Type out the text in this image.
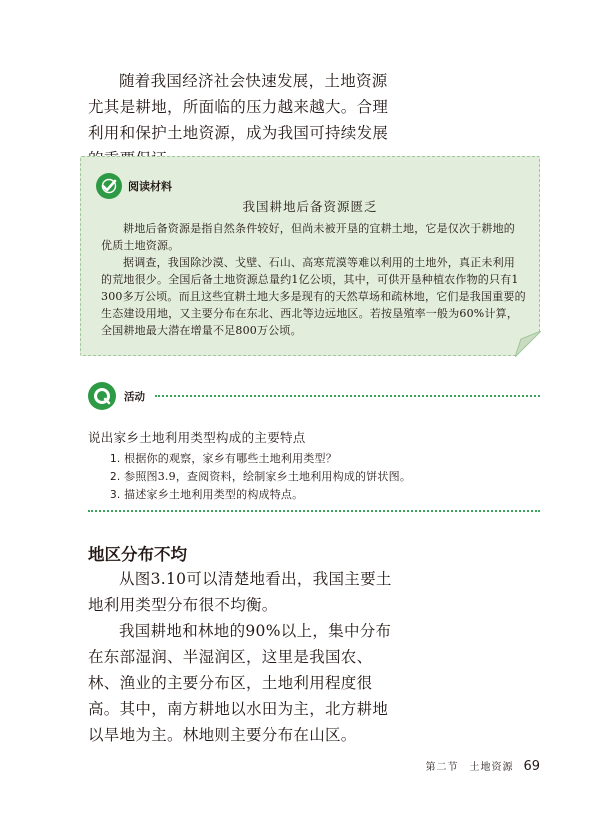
随着我国经济社会快速发展，土地资源尤其是耕地，所面临的压力越来越大。合理利用和保护土地资源，成为我国可持续发展

阅读材料
我国耕地后备资源匮乏

耕地后备资源是指自然条件较好，但尚未被开垦的宜耕土地，它是仅次于耕地的优质土地资源。

据调查，我国除沙漠、戈壁、石山、高寒荒漠等难以利用的土地外，真正未利用的荒地很少。全国后备土地资源总量约1亿公顷，其中，可供开垦种植农作物的只有1 300多万公顷。而且这些宜耕土地大多是现有的天然草场和疏林地，它们是我国重要的生态建设用地，又主要分布在东北、西北等边远地区。若按垦殖率一般为60%计算，全国耕地最大潜在增量不足800万公顷。

活动
说出家乡土地利用类型构成的主要特点
1. 根据你的观察，家乡有哪些土地利用类型？
2. 参照图3.9，查阅资料，绘制家乡土地利用构成的饼状图。
3. 描述家乡土地利用类型的构成特点。
地区分布不均

从图3.10可以清楚地看出，我国主要土地利用类型分布很不均衡。

我国耕地和林地的90%以上，集中分布在东部湿润、半湿润区，这里是我国农、林、渔业的主要分布区，土地利用程度很高。其中，南方耕地以水田为主，北方耕地以旱地为主。林地则主要分布在山区。

第二节　土地资源 69
